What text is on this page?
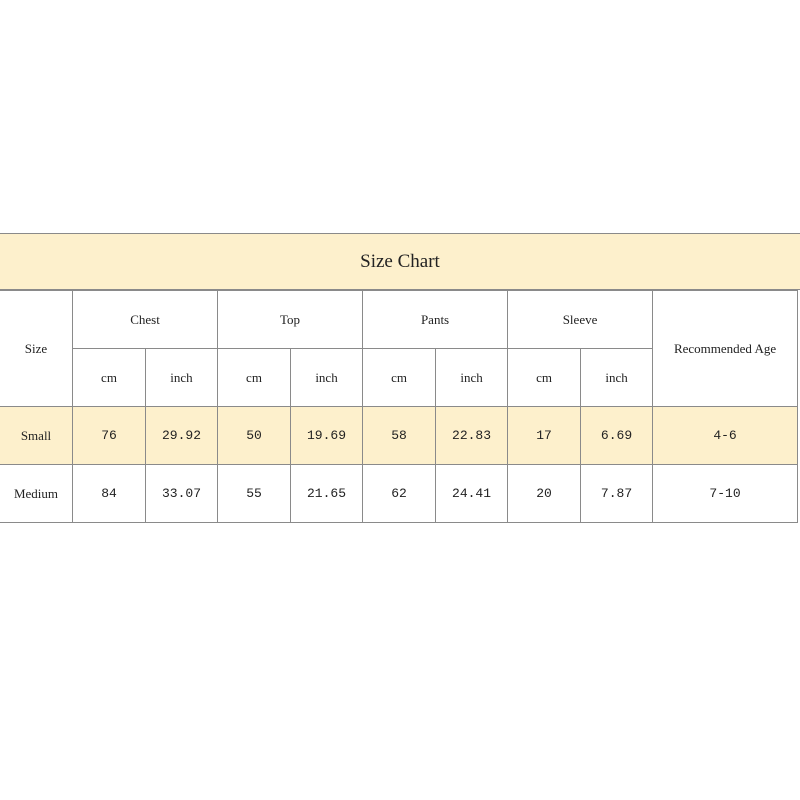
Size Chart
Size	Chest		Top		Pants		Sleeve		Recommended Age
	cm	inch	cm	inch	cm	inch	cm	inch	
Small	76	29.92	50	19.69	58	22.83	17	6.69	4-6
Medium	84	33.07	55	21.65	62	24.41	20	7.87	7-10
